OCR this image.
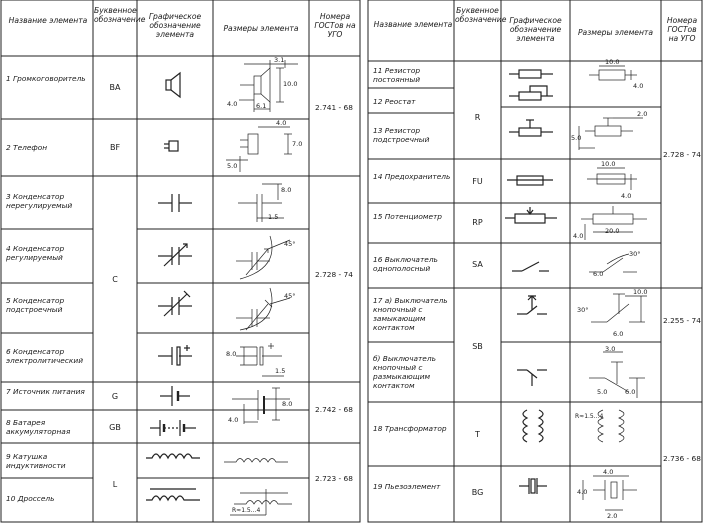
Название элемента
Буквенное обозначение Графическое обозначение элемента
Размеры элемента
Номера ГОСТов на УГО
1 Громкоговоритель
2 Телефон
3 Конденсатор нерегулируемый
4 Конденсатор регулируемый
5 Конденсатор подстроечный
6 Конденсатор электролитический
7 Источник питания
8 Батарея аккумуляторная
9 Катушка индуктивности
10 Дроссель
BA
BF
C
G
GB
L
2.741 - 68
2.728 - 74
2.742 - 68
2.723 - 68
3.1
10.0
4.0	6.1
4.0
7.0
5.0
8.0
1.5
45°
45°
8.0
1.5
8.0
4.0
R≈1.5...4
Название элемента
Буквенное обозначение Графическое обозначение элемента
Размеры элемента
Номера ГОСТов на УГО
11 Резистор постоянный
12 Реостат
13 Резистор подстроечный
14 Предохранитель
15 Потенциометр
16 Выключатель однополосный
17 а) Выключатель кнопочный с замыкающим контактом
б) Выключатель кнопочный с размыкающим контактом
18 Трансформатор
19 Пьезоэлемент
R
FU
RP
SA
SB
T
BG
2.728 - 74
2.255 - 74
2.736 - 68
10.0
4.0
2.0
5.0
10.0
4.0
4.0
20.0
30°
6.0
30°
10.0
6.0
3.0
5.0	6.0
R≈1.5...4
4.0
4.0
2.0
